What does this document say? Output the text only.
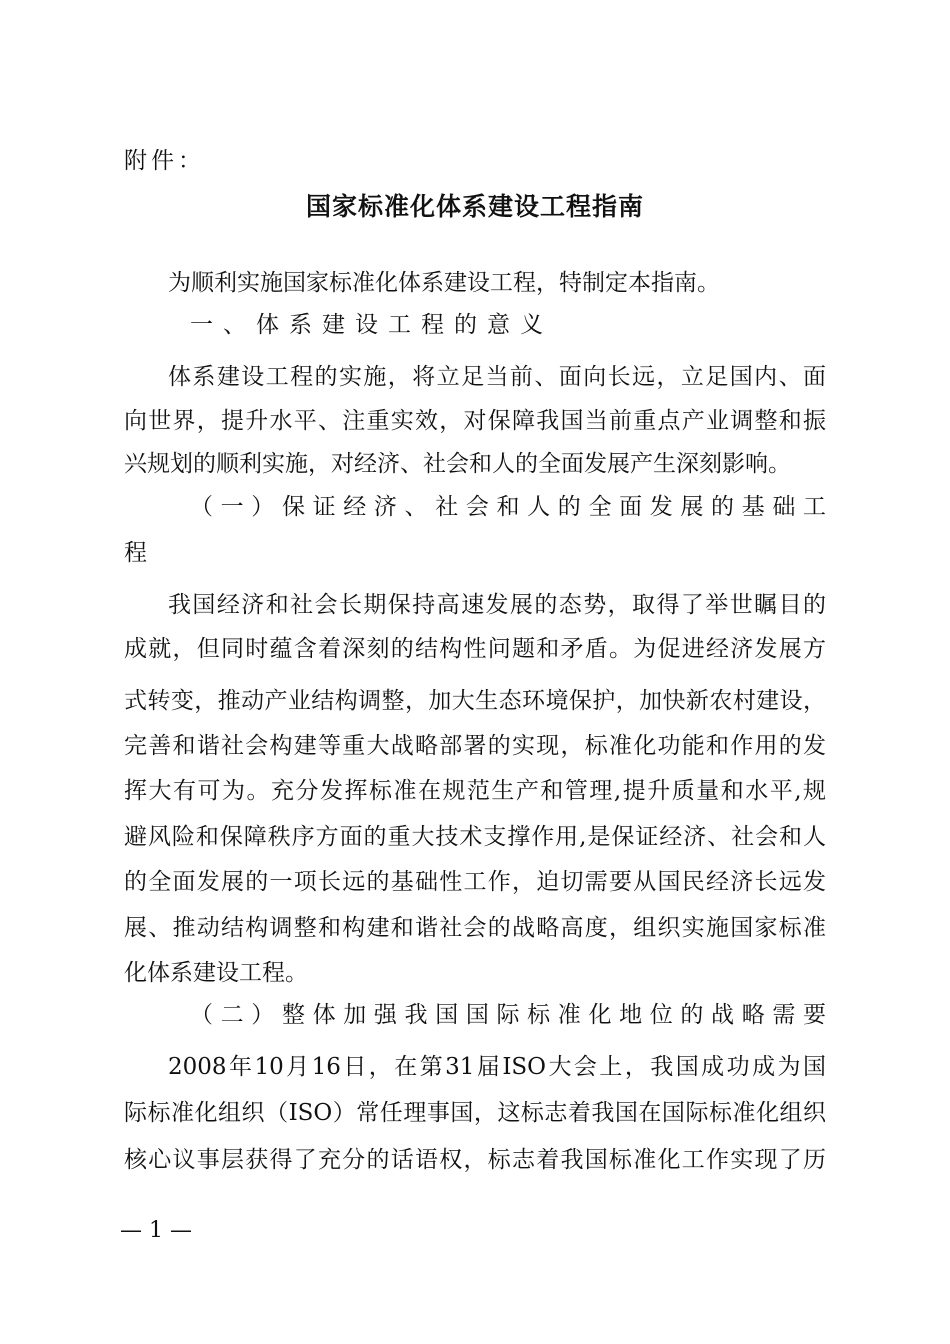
附件：
国家标准化体系建设工程指南
为顺利实施国家标准化体系建设工程，特制定本指南。
一、体系建设工程的意义
体系建设工程的实施，将立足当前、面向长远，立足国内、面
向世界，提升水平、注重实效，对保障我国当前重点产业调整和振
兴规划的顺利实施，对经济、社会和人的全面发展产生深刻影响。
（一）保证经济、社会和人的全面发展的基础工
程
我国经济和社会长期保持高速发展的态势，取得了举世瞩目的
成就，但同时蕴含着深刻的结构性问题和矛盾。为促进经济发展方
式转变，推动产业结构调整，加大生态环境保护，加快新农村建设，
完善和谐社会构建等重大战略部署的实现，标准化功能和作用的发
挥大有可为。充分发挥标准在规范生产和管理,提升质量和水平,规
避风险和保障秩序方面的重大技术支撑作用,是保证经济、社会和人
的全面发展的一项长远的基础性工作，迫切需要从国民经济长远发
展、推动结构调整和构建和谐社会的战略高度，组织实施国家标准
化体系建设工程。
（二）整体加强我国国际标准化地位的战略需要
2008年10月16日，在第31届ISO大会上，我国成功成为国
际标准化组织（ISO）常任理事国，这标志着我国在国际标准化组织
核心议事层获得了充分的话语权，标志着我国标准化工作实现了历
— 1 —
